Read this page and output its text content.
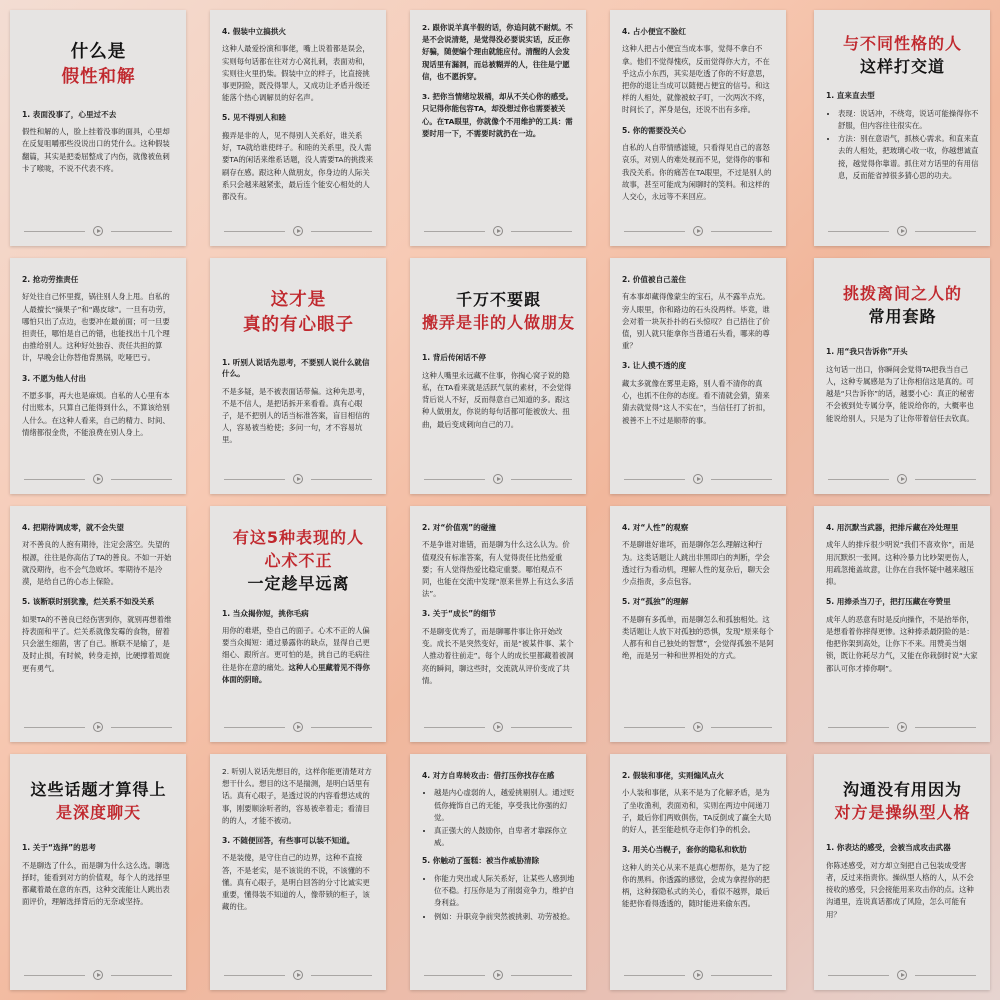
什么是
假性和解
1. 表面没事了，心里过不去
假性和解的人，脸上挂着没事的面具，心里却在反复咀嚼那些没说出口的凭什么。这种假装翻篇，其实是把委屈整成了内伤，就像被鱼刺卡了喉咙，不说不代表不疼。
4. 假装中立搞拱火
这种人最爱扮演和事佬，嘴上说着都是误会，实则每句话都在往对方心窝扎刺，表面劝和，实则往火里扔柴。假装中立的样子，比直接挑事更阴险，既没得罪人，又成功让矛盾升级还能落个热心调解员的好名声。
5. 见不得别人和睦
搬弄是非的人，见不得别人关系好，谁关系好，TA就给谁使绊子。和睦的关系里，没人需要TA的闲话来维系话题，没人需要TA的挑拨来刷存在感。跟这种人做朋友，你身边的人际关系只会越来越紧张，最后连个能安心相处的人都没有。
2. 跟你说羊真半假的话，你追问就不耐烦。不是不会说清楚，是觉得没必要说实话，反正你好骗，随便编个理由就能应付。清醒的人会发现话里有漏洞，而总被糊弄的人，往往是宁愿信，也不愿拆穿。
3. 把你当情绪垃圾桶，却从不关心你的感受。只记得你能包容TA，却没想过你也需要被关心。在TA眼里，你就像个不用维护的工具：需要时用一下，不需要时就扔在一边。
4. 占小便宜不脸红
这种人把占小便宜当成本事，觉得不拿白不拿。他们不觉得愧疚，反而觉得你大方，不在乎这点小东西，其实是吃透了你的不好意思，把你的退让当成可以随便占便宜的信号。和这样的人相处，就像被蚊子叮，一次两次不疼，时间长了，浑身是包，还说不出有多痒。
5. 你的需要没关心
自私的人自带情感滤镜，只看得见自己的喜怒哀乐，对别人的难处视而不见，觉得你的事和我没关系。你的痛苦在TA眼里，不过是别人的故事，甚至可能成为闲聊时的笑料。和这样的人交心，永远等不来回应。
与不同性格的人
这样打交道
1. 直来直去型
• 表现：说话冲，不绕弯，说话可能操得你不舒服，但内容往往很实在。
• 方法：别在意语气，抓核心需求。和直来直去的人相处，把玻璃心收一收，你越想诚直接，越觉得你靠谱。抓住对方话里的有用信息，反而能省掉很多猜心思的功夫。
2. 抢功劳推责任
好处往自己怀里揽，锅往别人身上甩。自私的人最擅长“摘果子”和“踢皮球”。一旦有功劳，哪怕只出了点边，也要冲在最前面；可一旦要担责任，哪怕是自己的错，也能找出十几个理由推给别人。这种好处独吞、责任共担的算计，早晚会让你替他背黑锅，吃哑巴亏。
3. 不愿为他人付出
不愿多事，再大也是麻烦。自私的人心里有本付出账本，只算自己能得到什么，不算该给别人什么。在这种人看来，自己的精力、时间、情绪都很金贵，不能浪费在别人身上。
这才是
真的有心眼子
1. 听别人说话先思考，不要别人说什么就信什么。
不是多疑，是不被表面话带偏。这种先思考，不是不信人，是把话拆开来看看。真有心眼子，是不把别人的话当标准答案，盲目相信的人，容易被当枪使；多问一句，才不容易坑里。
千万不要跟
搬弄是非的人做朋友
1. 背后传闲话不停
这种人嘴里永远藏不住事，你掏心窝子说的隐私，在TA看来就是活跃气氛的素材，不会觉得背后说人不好，反而得意自己知道的多。跟这种人做朋友，你说的每句话都可能被放大、扭曲，最后变成刺向自己的刀。
2. 价值被自己羞住
有本事却藏得像蒙尘的宝石，从不露半点光。旁人眼里，你和路边的石头没两样。毕竟，谁会对着一块灰扑扑的石头惊叹？自己捂住了价值，别人就只能拿你当普通石头看，哪来的尊重？
3. 让人摸不透的度
藏太多就像在雾里走路，别人看不清你的真心，也抓不住你的态度。看不清就会猜，猜来猜去就觉得“这人不实在”，当信任打了折扣，被善不上不过是顺带的事。
挑拨离间之人的
常用套路
1. 用“我只告诉你”开头
这句话一出口，你瞬间会觉得TA把我当自己人，这种专属感是为了让你相信这是真的。可越是“只告诉你”的话，越要小心：真正的秘密不会被到处专属分享，能说给你的，大概率也能说给别人，只是为了让你带着信任去钦真。
4. 把期待调成零，就不会失望
对不善良的人抱有期待，注定会落空。失望的根源，往往是你高估了TA的善良。不如一开始就没期待，也不会气急败坏。零期待不是冷漠，是给自己的心态上保险。
5. 该断联时别犹豫，烂关系不如没关系
如果TA的不善良已经伤害到你，就别再想着维持表面和平了。烂关系就像发霉的食物，留着只会滋生细菌，害了自己。断联不是输了，是及时止损，有时候，转身走掉，比硬撑着周旋更有勇气。
有这5种表现的人
心术不正
一定趁早远离
1. 当众揭你短，挑你毛病
用你的难堪，垫自己的面子。心术不正的人偏要当众揭短：通过暴露你的缺点，显得自己更细心、跟所言。更可怕的是，挑自己的毛病往往是你在意的痛处。这种人心里藏着见不得你体面的阴暗。
2. 对“价值观”的碰撞
不是争谁对谁错，而是聊为什么这么认为。价值观没有标准答案，有人觉得责任比热爱重要；有人觉得热爱比稳定重要。哪怕观点不同，也能在交流中发现“原来世界上有这么多活法”。
3. 关于“成长”的细节
不是聊变优秀了，而是聊哪件事让你开始改变。成长不是突然变好，而是“被某件事、某个人推动着往前走”。每个人的成长里都藏着被洞亮的瞬间，聊这些时，交流就从评价变成了共情。
4. 对“人性”的观察
不是聊谁好谁坏，而是聊你怎么理解这种行为。这类话题让人跳出非黑即白的判断，学会透过行为看动机，理解人性的复杂后，聊天会少点指责，多点包容。
5. 对“孤独”的理解
不是聊有多孤单，而是聊怎么和孤独相处。这类话题让人放下对孤独的恐惧，发现“原来每个人都有和自己独处的智慧”，会觉得孤独不是阿绝，而是另一种和世界相处的方式。
4. 用沉默当武器，把排斥藏在冷处理里
成年人的排斥很少明说“我们不喜欢你”，而是用沉默织一张网。这种冷暴力比吵架更伤人，用疏忽掩盖故意，让你在自我怀疑中越来越压抑。
5. 用捧杀当刀子，把打压藏在夸赞里
成年人的恶意有时是反向操作，不是抬举你，是想看着你摔得更惨。这种捧杀最阴险的是：他把你架到高处，让你下不来。用赞美当烟锁，既让你耗尽力气，又能在你栽倒时说“大家都认可你才捧你啊”。
这些话题才算得上
是深度聊天
1. 关于“选择”的思考
不是聊选了什么，而是聊为什么这么选。聊选择时，能看到对方的价值观，每个人的选择里都藏着最在意的东西，这种交流能让人跳出表面评价，理解选择背后的无奈或坚持。
2. 听别人说话先想目的，这样你能更清楚对方想干什么。想目的这不是揣测，是明白话里有话。真有心眼子，是透过说的内容看想达成的事，刚要顺涂听者的，容易被牵着走；看清目的的人，才能不被动。
3. 不随便回答，有些事可以装不知道。
不是装傻，是守住自己的边界，这种不直接答，不是老实，是不该说的不说，不该懂的不懂。真有心眼子，是明白回答的分寸比诚实更重要，懂得装不知道的人，像带锁的柜子，该藏的住。
4. 对方自卑转攻击：借打压你找存在感
• 越是内心虚弱的人，越爱挑剔别人。通过贬低你掩饰自己的无能，享受我比你强的幻觉。
• 真正强大的人鼓励你，自卑者才靠踩你立威。
5. 你触动了蛋糕：被当作威胁清除
• 你能力突出或人际关系好，让某些人感到地位不稳。打压你是为了削弱竞争力，维护自身利益。
• 例如：升职竞争前突然被挑刺、功劳被抢。
2. 假装和事佬，实则煽风点火
小人装和事佬，从来不是为了化解矛盾，是为了坐收渔利，表面劝和，实则在两边中间递刀子，最后你们两败俱伤，TA反倒成了赢全大局的好人，甚至能趁机夺走你们争的机会。
3. 用关心当幌子，套你的隐私和软肋
这种人的关心从来不是真心想帮你，是为了挖你的黑料。你透露的感觉，会成为拿捏你的把柄，这种探隐私式的关心，看似不越界，最后能把你看得透透的，随时能进来偷东西。
沟通没有用因为
对方是操纵型人格
1. 你表达的感受，会被当成攻击武器
你陈述感受，对方却立刻把自己包装成受害者，反过来指责你。操纵型人格的人，从不会接收的感受，只会接能用来攻击你的点。这种沟通里，连说真话都成了风险，怎么可能有用？
